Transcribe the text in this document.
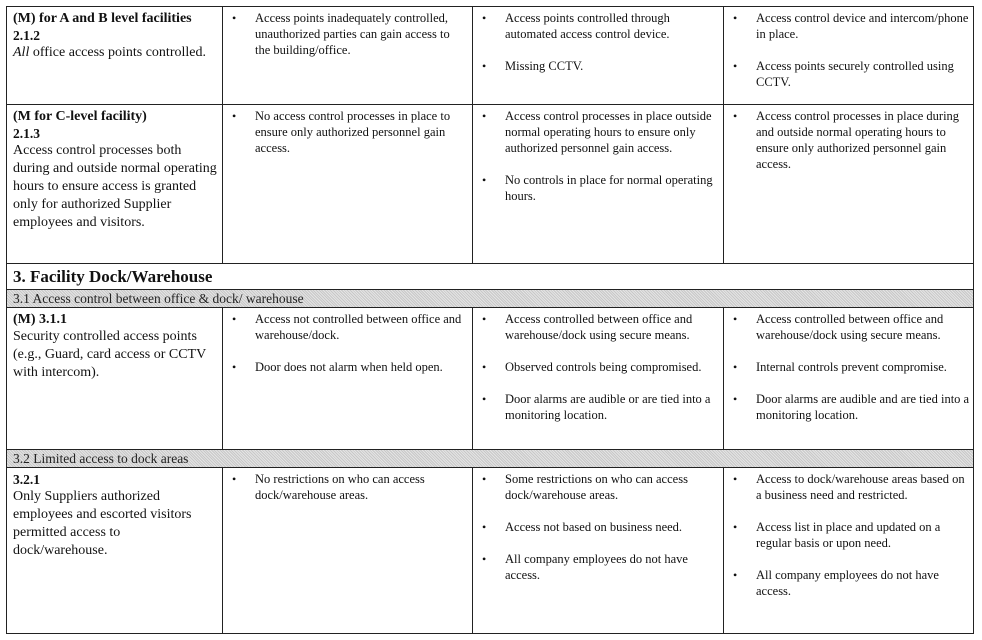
(M) for A and B level facilities
2.1.2
All office access points controlled.
• Access points inadequately controlled, unauthorized parties can gain access to the building/office.
• Access points controlled through automated access control device.
• Missing CCTV.
• Access control device and intercom/phone in place.
• Access points securely controlled using CCTV.
(M for C-level facility)
2.1.3
Access control processes both during and outside normal operating hours to ensure access is granted only for authorized Supplier employees and visitors.
• No access control processes in place to ensure only authorized personnel gain access.
• Access control processes in place outside normal operating hours to ensure only authorized personnel gain access.
• No controls in place for normal operating hours.
• Access control processes in place during and outside normal operating hours to ensure only authorized personnel gain access.
3. Facility Dock/Warehouse
3.1 Access control between office & dock/ warehouse
(M) 3.1.1
Security controlled access points (e.g., Guard, card access or CCTV with intercom).
• Access not controlled between office and warehouse/dock.
• Door does not alarm when held open.
• Access controlled between office and warehouse/dock using secure means.
• Observed controls being compromised.
• Door alarms are audible or are tied into a monitoring location.
• Access controlled between office and warehouse/dock using secure means.
• Internal controls prevent compromise.
• Door alarms are audible and are tied into a monitoring location.
3.2 Limited access to dock areas
3.2.1
Only Suppliers authorized employees and escorted visitors permitted access to dock/warehouse.
• No restrictions on who can access dock/warehouse areas.
• Some restrictions on who can access dock/warehouse areas.
• Access not based on business need.
• All company employees do not have access.
• Access to dock/warehouse areas based on a business need and restricted.
• Access list in place and updated on a regular basis or upon need.
• All company employees do not have access.
